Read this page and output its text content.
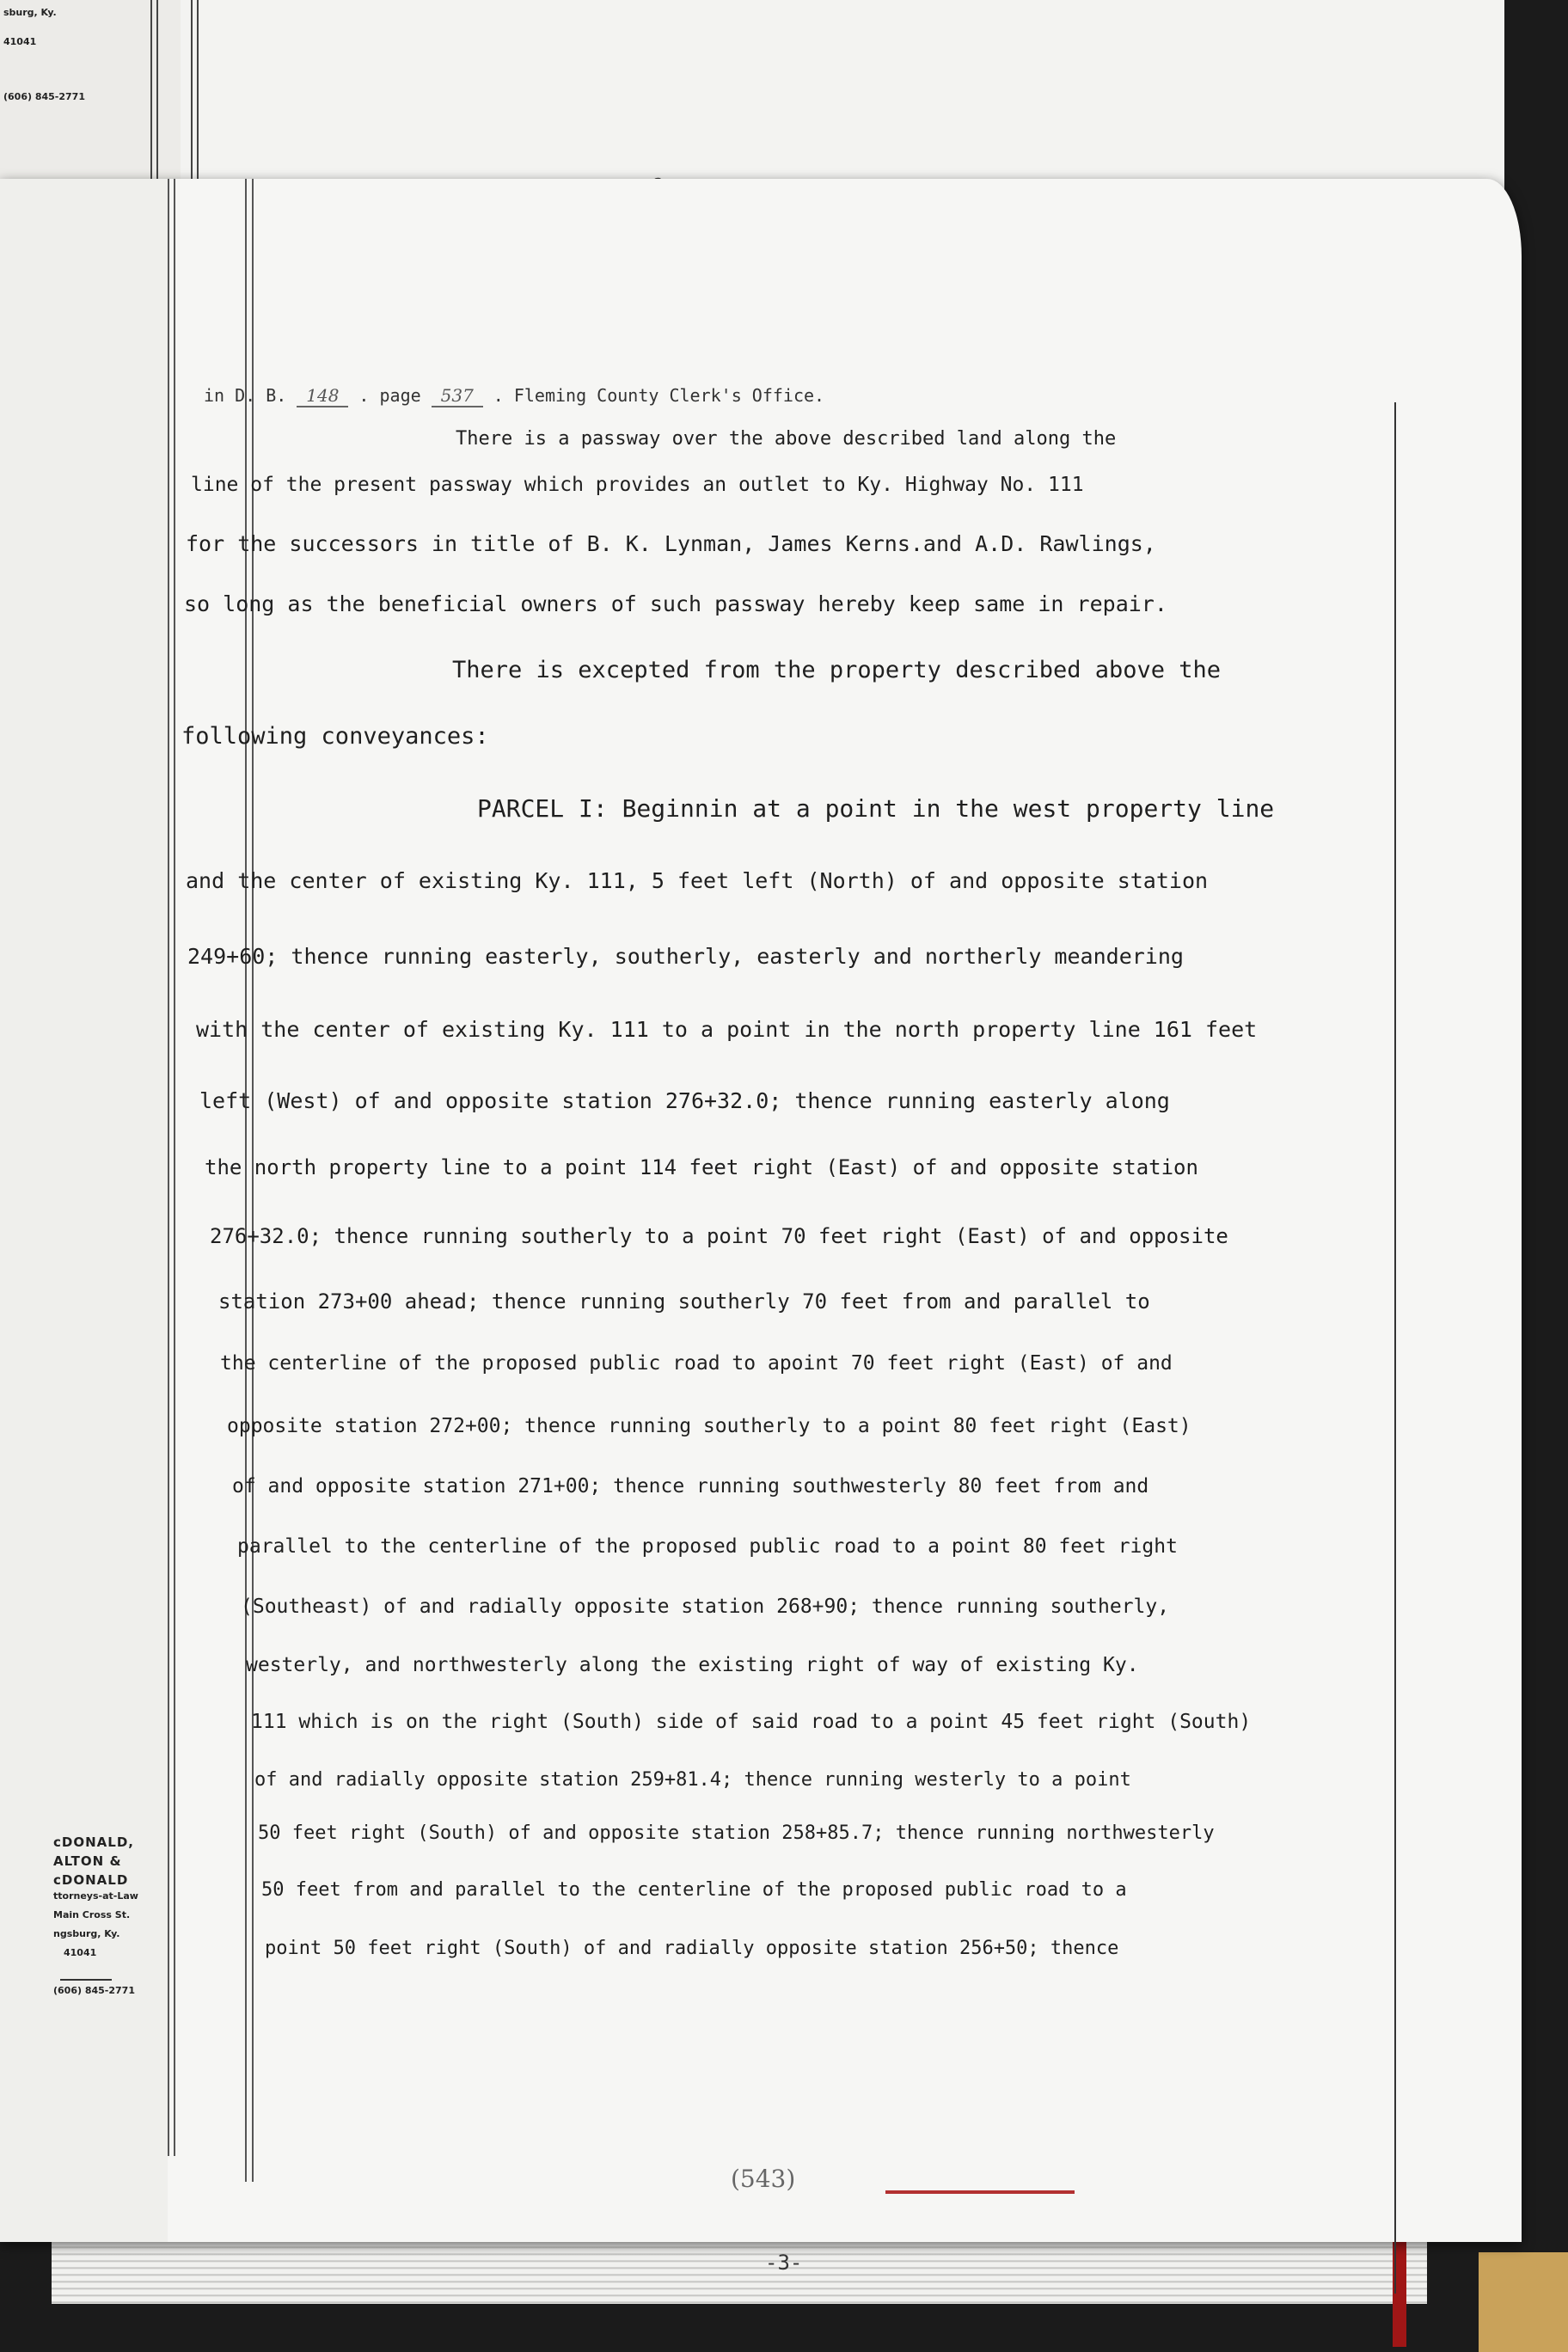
sburg, Ky.
41041
(606) 845-2771
in D. B. 148 . page 537 . Fleming County Clerk's Office.
There is a passway over the above described land along the
line of the present passway which provides an outlet to Ky. Highway No. 111
for the successors in title of B. K. Lynman, James Kerns.and A.D. Rawlings,
so long as the beneficial owners of such passway hereby keep same in repair.
There is excepted from the property described above the
following conveyances:
PARCEL I: Beginnin at a point in the west property line
and the center of existing Ky. 111, 5 feet left (North) of and opposite station
249+60; thence running easterly, southerly, easterly and northerly meandering
with the center of existing Ky. 111 to a point in the north property line 161 feet
left (West) of and opposite station 276+32.0; thence running easterly along
the north property line to a point 114 feet right (East) of and opposite station
276+32.0; thence running southerly to a point 70 feet right (East) of and opposite
station 273+00 ahead; thence running southerly 70 feet from and parallel to
the centerline of the proposed public road to apoint 70 feet right (East) of and
opposite station 272+00; thence running southerly to a point 80 feet right (East)
of and opposite station 271+00; thence running southwesterly 80 feet from and
parallel to the centerline of the proposed public road to a point 80 feet right
(Southeast) of and radially opposite station 268+90; thence running southerly,
westerly, and northwesterly along the existing right of way of existing Ky.
111 which is on the right (South) side of said road to a point 45 feet right (South)
of and radially opposite station 259+81.4; thence running westerly to a point
50 feet right (South) of and opposite station 258+85.7; thence running northwesterly
50 feet from and parallel to the centerline of the proposed public road to a
point 50 feet right (South) of and radially opposite station 256+50; thence
cDONALD,
ALTON &
cDONALD
ttorneys-at-Law
Main Cross St.
ngsburg, Ky.
41041
(606) 845-2771
-3-
(543)
